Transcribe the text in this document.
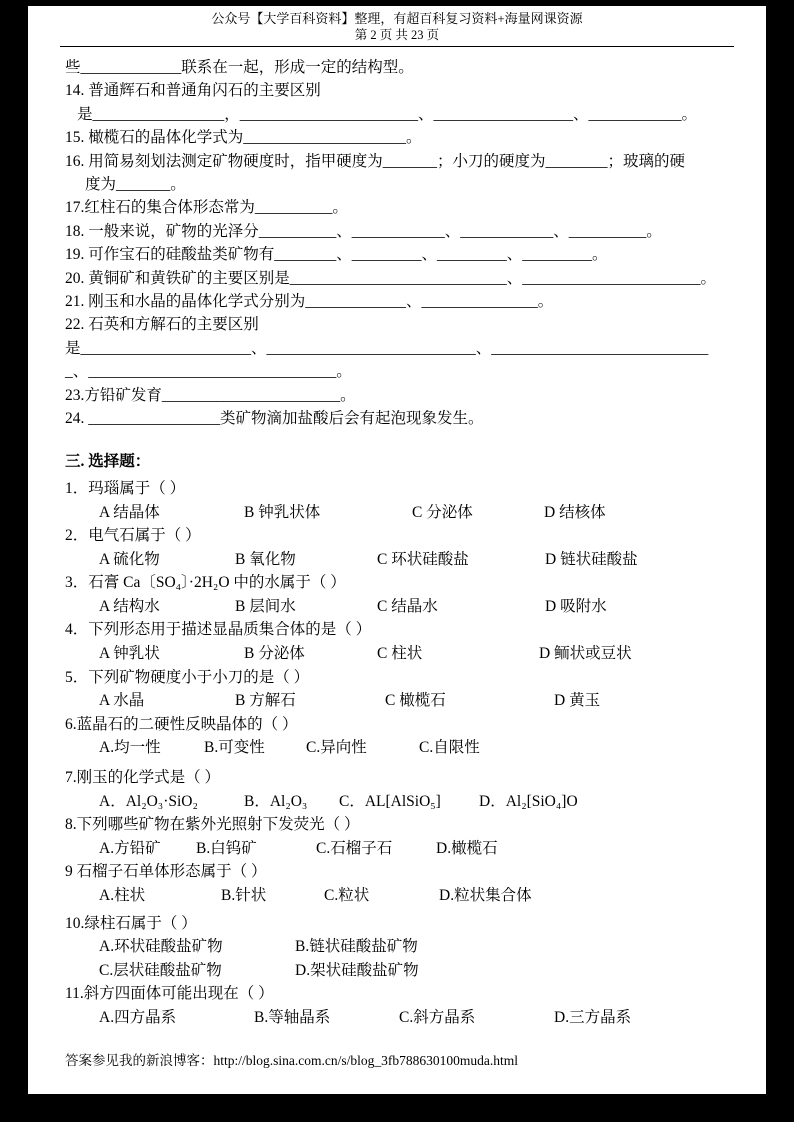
公众号【大学百科资料】整理，有超百科复习资料+海量网课资源
第 2 页 共 23 页
些_____________联系在一起，形成一定的结构型。
14. 普通辉石和普通角闪石的主要区别
是_________________，_______________________、__________________、____________。
15. 橄榄石的晶体化学式为_____________________。
16. 用简易刻划法测定矿物硬度时，指甲硬度为_______；小刀的硬度为________；玻璃的硬
度为_______。
17.红柱石的集合体形态常为__________。
18. 一般来说，矿物的光泽分__________、____________、____________、__________。
19. 可作宝石的硅酸盐类矿物有________、_________、_________、_________。
20. 黄铜矿和黄铁矿的主要区别是____________________________、_______________________。
21. 刚玉和水晶的晶体化学式分别为_____________、_______________。
22. 石英和方解石的主要区别
是______________________、___________________________、____________________________
_、________________________________。
23.方铅矿发育_______________________。
24. _________________类矿物滴加盐酸后会有起泡现象发生。
三. 选择题：
1．玛瑙属于（ ）
A 结晶体	B 钟乳状体	C 分泌体	D 结核体
2．电气石属于（ ）
A 硫化物	B 氧化物	C 环状硅酸盐	D 链状硅酸盐
3．石膏 Ca〔SO₄〕·2H₂O 中的水属于（ ）
A 结构水	B 层间水	C 结晶水	D 吸附水
4．下列形态用于描述显晶质集合体的是（ ）
A 钟乳状	B 分泌体	C 柱状	D 鲕状或豆状
5．下列矿物硬度小于小刀的是（ ）
A 水晶	B 方解石	C 橄榄石	D 黄玉
6.蓝晶石的二硬性反映晶体的（ ）
A.均一性	B.可变性	C.异向性	C.自限性
7.刚玉的化学式是（ ）
A．Al₂O₃·SiO₂	B．Al₂O₃	C．AL[AlSiO₅]	D．Al₂[SiO₄]O
8.下列哪些矿物在紫外光照射下发荧光（ ）
A.方铅矿	B.白钨矿	C.石榴子石	D.橄榄石
9 石榴子石单体形态属于（ ）
A.柱状	B.针状	C.粒状	D.粒状集合体
10.绿柱石属于（ ）
A.环状硅酸盐矿物	B.链状硅酸盐矿物
C.层状硅酸盐矿物	D.架状硅酸盐矿物
11.斜方四面体可能出现在（ ）
A.四方晶系	B.等轴晶系	C.斜方晶系	D.三方晶系
答案参见我的新浪博客：http://blog.sina.com.cn/s/blog_3fb788630100muda.html
